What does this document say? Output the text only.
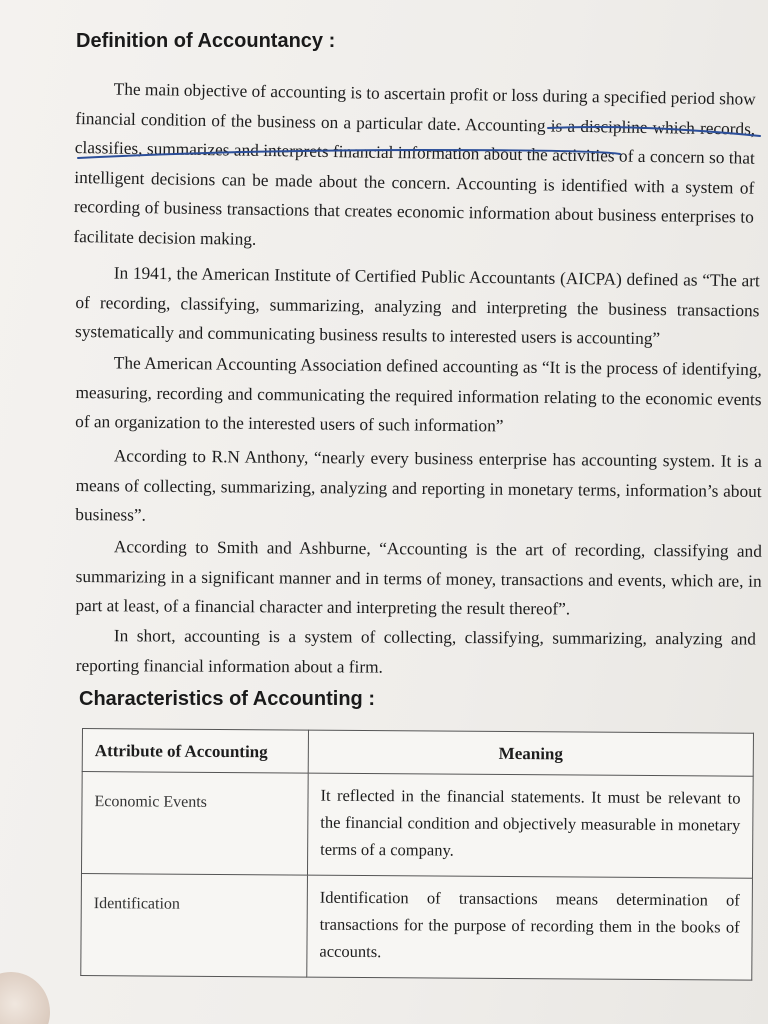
Definition of Accountancy :

The main objective of accounting is to ascertain profit or loss during a specified period show financial condition of the business on a particular date. Accounting is a discipline which records, classifies, summarizes and interprets financial information about the activities of a concern so that intelligent decisions can be made about the concern. Accounting is identified with a system of recording of business transactions that creates economic information about business enterprises to facilitate decision making.

In 1941, the American Institute of Certified Public Accountants (AICPA) defined as “The art of recording, classifying, summarizing, analyzing and interpreting the business transactions systematically and communicating business results to interested users is accounting”

The American Accounting Association defined accounting as “It is the process of identifying, measuring, recording and communicating the required information relating to the economic events of an organization to the interested users of such information”

According to R.N Anthony, “nearly every business enterprise has accounting system. It is a means of collecting, summarizing, analyzing and reporting in monetary terms, information’s about business”.

According to Smith and Ashburne, “Accounting is the art of recording, classifying and summarizing in a significant manner and in terms of money, transactions and events, which are, in part at least, of a financial character and interpreting the result thereof”.

In short, accounting is a system of collecting, classifying, summarizing, analyzing and reporting financial information about a firm.

Characteristics of Accounting :
Attribute of Accounting	Meaning
Economic Events	It reflected in the financial statements. It must be relevant to the financial condition and objectively measurable in monetary terms of a company.
Identification	Identification of transactions means determination of transactions for the purpose of recording them in the books of accounts.
